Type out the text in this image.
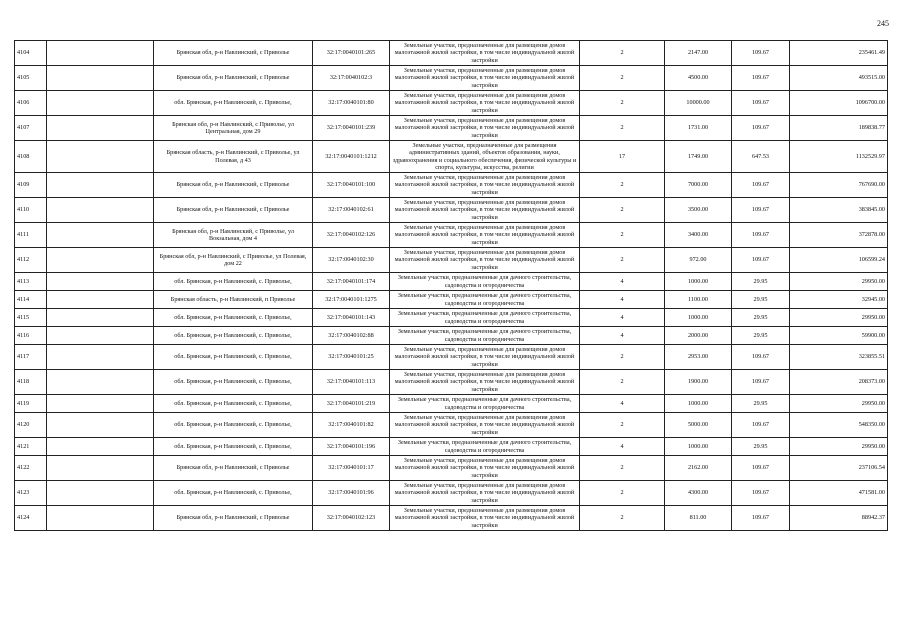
245
4104		Брянская обл, р-н Навлинский, с Приволье	32:17:0040101:265	Земельные участки, предназначенные для размещения домов малоэтажной жилой застройки, в том числе индивидуальной жилой застройки	2	2147.00	109.67	235461.49
4105		Брянская обл, р-н Навлинский, с Приволье	32:17:0040102:3	Земельные участки, предназначенные для размещения домов малоэтажной жилой застройки, в том числе индивидуальной жилой застройки	2	4500.00	109.67	493515.00
4106		обл. Брянская, р-н Навлинский, с. Приволье,	32:17:0040101:80	Земельные участки, предназначенные для размещения домов малоэтажной жилой застройки, в том числе индивидуальной жилой застройки	2	10000.00	109.67	1096700.00
4107		Брянская обл, р-н Навлинский, с Приволье, ул Центральная, дом 29	32:17:0040101:239	Земельные участки, предназначенные для размещения домов малоэтажной жилой застройки, в том числе индивидуальной жилой застройки	2	1731.00	109.67	189838.77
4108		Брянская область, р-н Навлинский, с Приволье, ул Полевая, д 43	32:17:0040101:1212	Земельные участки, предназначенные для размещения административных зданий, объектов образования, науки, здравоохранения и социального обеспечения, физической культуры и спорта, культуры, искусства, религии	17	1749.00	647.53	1132529.97
4109		Брянская обл, р-н Навлинский, с Приволье	32:17:0040101:100	Земельные участки, предназначенные для размещения домов малоэтажной жилой застройки, в том числе индивидуальной жилой застройки	2	7000.00	109.67	767690.00
4110		Брянская обл, р-н Навлинский, с Приволье	32:17:0040102:61	Земельные участки, предназначенные для размещения домов малоэтажной жилой застройки, в том числе индивидуальной жилой застройки	2	3500.00	109.67	383845.00
4111		Брянская обл, р-н Навлинский, с Приволье, ул Вокзальная, дом 4	32:17:0040102:126	Земельные участки, предназначенные для размещения домов малоэтажной жилой застройки, в том числе индивидуальной жилой застройки	2	3400.00	109.67	372878.00
4112		Брянская обл, р-н Навлинский, с Приволье, ул Полевая, дом 22	32:17:0040102:30	Земельные участки, предназначенные для размещения домов малоэтажной жилой застройки, в том числе индивидуальной жилой застройки	2	972.00	109.67	106599.24
4113		обл. Брянская, р-н Навлинский, с. Приволье,	32:17:0040101:174	Земельные участки, предназначенные для дачного строительства, садоводства и огородничества	4	1000.00	29.95	29950.00
4114		Брянская область, р-н Навлинский, п Приволье	32:17:0040101:1275	Земельные участки, предназначенные для дачного строительства, садоводства и огородничества	4	1100.00	29.95	32945.00
4115		обл. Брянская, р-н Навлинский, с. Приволье,	32:17:0040101:143	Земельные участки, предназначенные для дачного строительства, садоводства и огородничества	4	1000.00	29.95	29950.00
4116		обл. Брянская, р-н Навлинский, с. Приволье,	32:17:0040102:88	Земельные участки, предназначенные для дачного строительства, садоводства и огородничества	4	2000.00	29.95	59900.00
4117		обл. Брянская, р-н Навлинский, с. Приволье,	32:17:0040101:25	Земельные участки, предназначенные для размещения домов малоэтажной жилой застройки, в том числе индивидуальной жилой застройки	2	2953.00	109.67	323855.51
4118		обл. Брянская, р-н Навлинский, с. Приволье,	32:17:0040101:113	Земельные участки, предназначенные для размещения домов малоэтажной жилой застройки, в том числе индивидуальной жилой застройки	2	1900.00	109.67	208373.00
4119		обл. Брянская, р-н Навлинский, с. Приволье,	32:17:0040101:219	Земельные участки, предназначенные для дачного строительства, садоводства и огородничества	4	1000.00	29.95	29950.00
4120		обл. Брянская, р-н Навлинский, с. Приволье,	32:17:0040101:82	Земельные участки, предназначенные для размещения домов малоэтажной жилой застройки, в том числе индивидуальной жилой застройки	2	5000.00	109.67	548350.00
4121		обл. Брянская, р-н Навлинский, с. Приволье,	32:17:0040101:196	Земельные участки, предназначенные для дачного строительства, садоводства и огородничества	4	1000.00	29.95	29950.00
4122		Брянская обл, р-н Навлинский, с Приволье	32:17:0040101:17	Земельные участки, предназначенные для размещения домов малоэтажной жилой застройки, в том числе индивидуальной жилой застройки	2	2162.00	109.67	237106.54
4123		обл. Брянская, р-н Навлинский, с. Приволье,	32:17:0040101:96	Земельные участки, предназначенные для размещения домов малоэтажной жилой застройки, в том числе индивидуальной жилой застройки	2	4300.00	109.67	471581.00
4124		Брянская обл, р-н Навлинский, с Приволье	32:17:0040102:123	Земельные участки, предназначенные для размещения домов малоэтажной жилой застройки, в том числе индивидуальной жилой застройки	2	811.00	109.67	88942.37
